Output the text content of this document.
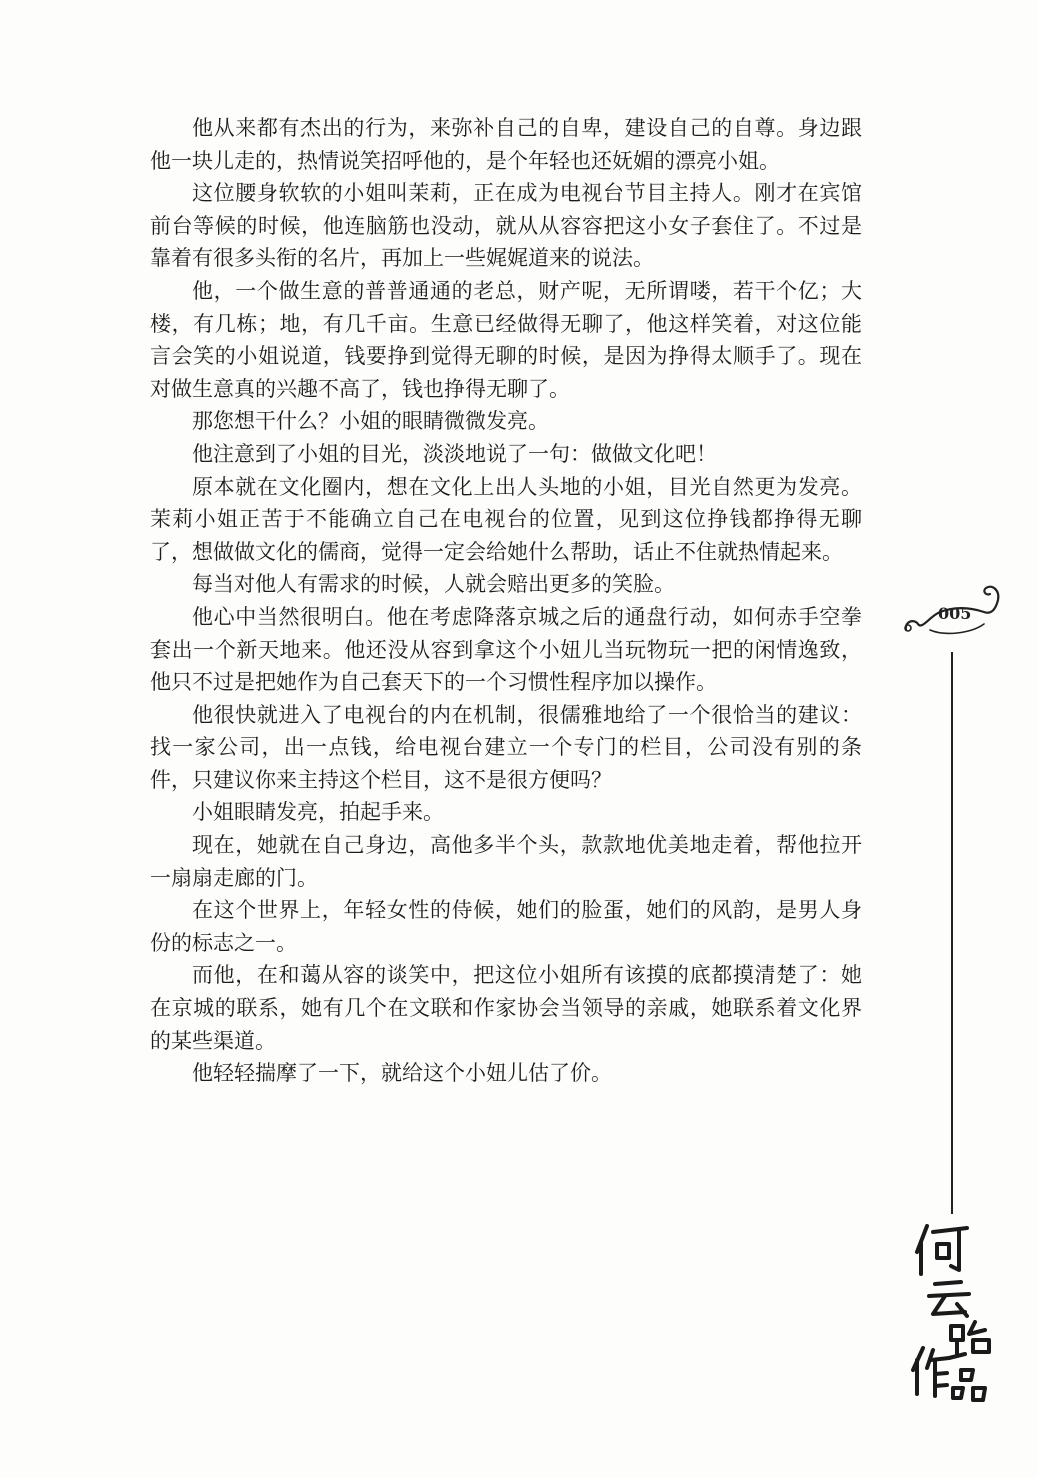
他从来都有杰出的行为，来弥补自己的自卑，建设自己的自尊。身边跟他一块儿走的，热情说笑招呼他的，是个年轻也还妩媚的漂亮小姐。

这位腰身软软的小姐叫茉莉，正在成为电视台节目主持人。刚才在宾馆前台等候的时候，他连脑筋也没动，就从从容容把这小女子套住了。不过是靠着有很多头衔的名片，再加上一些娓娓道来的说法。

他，一个做生意的普普通通的老总，财产呢，无所谓喽，若干个亿；大楼，有几栋；地，有几千亩。生意已经做得无聊了，他这样笑着，对这位能言会笑的小姐说道，钱要挣到觉得无聊的时候，是因为挣得太顺手了。现在对做生意真的兴趣不高了，钱也挣得无聊了。

那您想干什么？小姐的眼睛微微发亮。

他注意到了小姐的目光，淡淡地说了一句：做做文化吧！

原本就在文化圈内，想在文化上出人头地的小姐，目光自然更为发亮。茉莉小姐正苦于不能确立自己在电视台的位置，见到这位挣钱都挣得无聊了，想做做文化的儒商，觉得一定会给她什么帮助，话止不住就热情起来。

每当对他人有需求的时候，人就会赔出更多的笑脸。

他心中当然很明白。他在考虑降落京城之后的通盘行动，如何赤手空拳套出一个新天地来。他还没从容到拿这个小妞儿当玩物玩一把的闲情逸致，他只不过是把她作为自己套天下的一个习惯性程序加以操作。

他很快就进入了电视台的内在机制，很儒雅地给了一个很恰当的建议：找一家公司，出一点钱，给电视台建立一个专门的栏目，公司没有别的条件，只建议你来主持这个栏目，这不是很方便吗？

小姐眼睛发亮，拍起手来。

现在，她就在自己身边，高他多半个头，款款地优美地走着，帮他拉开一扇扇走廊的门。

在这个世界上，年轻女性的侍候，她们的脸蛋，她们的风韵，是男人身份的标志之一。

而他，在和蔼从容的谈笑中，把这位小姐所有该摸的底都摸清楚了：她在京城的联系，她有几个在文联和作家协会当领导的亲戚，她联系着文化界的某些渠道。

他轻轻揣摩了一下，就给这个小妞儿估了价。

005
